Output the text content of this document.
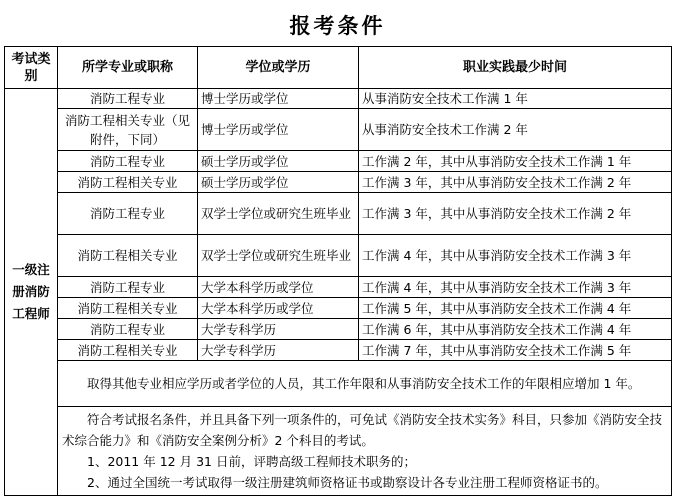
报考条件
考试类别	所学专业或职称	学位或学历	职业实践最少时间
一级注册消防工程师	消防工程专业	博士学历或学位	从事消防安全技术工作满 1 年
	消防工程相关专业（见附件，下同）	博士学历或学位	从事消防安全技术工作满 2 年
	消防工程专业	硕士学历或学位	工作满 2 年，其中从事消防安全技术工作满 1 年
	消防工程相关专业	硕士学历或学位	工作满 3 年，其中从事消防安全技术工作满 2 年
	消防工程专业	双学士学位或研究生班毕业	工作满 3 年，其中从事消防安全技术工作满 2 年
	消防工程相关专业	双学士学位或研究生班毕业	工作满 4 年，其中从事消防安全技术工作满 3 年
	消防工程专业	大学本科学历或学位	工作满 4 年，其中从事消防安全技术工作满 3 年
	消防工程相关专业	大学本科学历或学位	工作满 5 年，其中从事消防安全技术工作满 4 年
	消防工程专业	大学专科学历	工作满 6 年，其中从事消防安全技术工作满 4 年
	消防工程相关专业	大学专科学历	工作满 7 年，其中从事消防安全技术工作满 5 年
	取得其他专业相应学历或者学位的人员，其工作年限和从事消防安全技术工作的年限相应增加 1 年。		

	符合考试报名条件，并且具备下列一项条件的，可免试《消防安全技术实务》科目，只参加《消防安全技术综合能力》和《消防安全案例分析》2 个科目的考试。
1、2011 年 12 月 31 日前，评聘高级工程师技术职务的；
2、通过全国统一考试取得一级注册建筑师资格证书或勘察设计各专业注册工程师资格证书的。		
